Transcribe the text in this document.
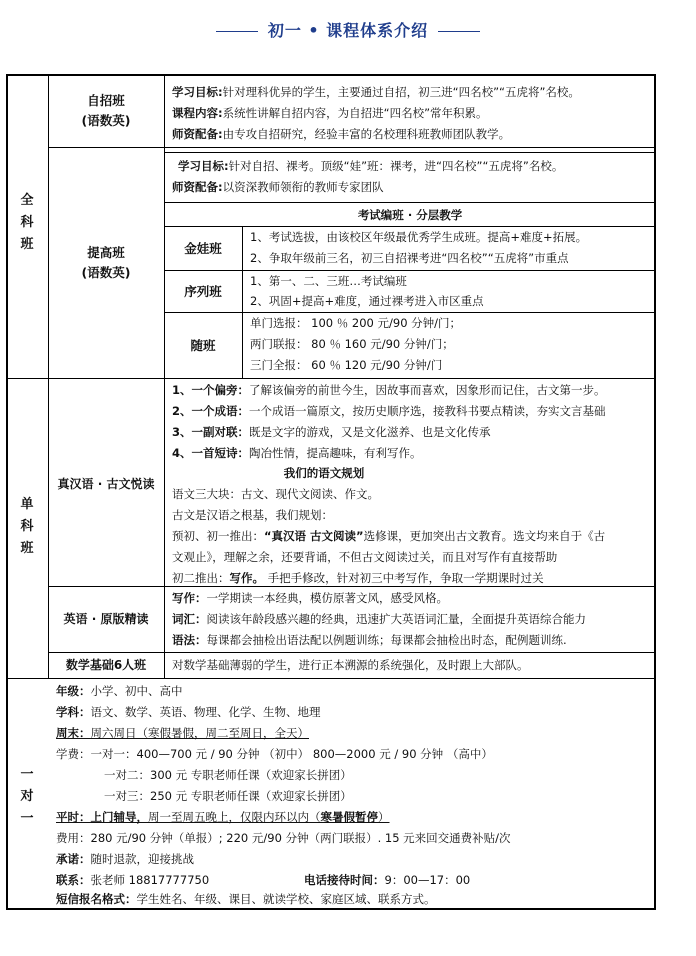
初一 • 课程体系介绍
全科班
单科班
一对一
自招班
(语数英)
学习目标:针对理科优异的学生，主要通过自招，初三进“四名校”“五虎将”名校。
课程内容:系统性讲解自招内容，为自招进“四名校”常年积累。
师资配备:由专攻自招研究，经验丰富的名校理科班教师团队教学。
提高班
(语数英)
学习目标:针对自招、裸考。顶级“娃”班：裸考，进“四名校”“五虎将”名校。
师资配备:以资深教师领衔的教师专家团队
考试编班 · 分层教学
金娃班
1、考试选拔，由该校区年级最优秀学生成班。提高+难度+拓展。
2、争取年级前三名，初三自招裸考进“四名校”“五虎将”市重点
序列班
1、第一、二、三班…考试编班
2、巩固+提高+难度，通过裸考进入市区重点
随班
单门选报： 100 ％ 200 元/90 分钟/门；
两门联报： 80 ％ 160 元/90 分钟/门；
三门全报： 60 ％ 120 元/90 分钟/门
真汉语 · 古文悦读
1、一个偏旁：了解该偏旁的前世今生，因故事而喜欢，因象形而记住，古文第一步。
2、一个成语：一个成语一篇原文，按历史顺序选，接教科书要点精读，夯实文言基础
3、一副对联：既是文字的游戏，又是文化滋养、也是文化传承
4、一首短诗：陶冶性情，提高趣味，有利写作。
我们的语文规划
语文三大块：古文、现代文阅读、作文。
古文是汉语之根基，我们规划：
预初、初一推出：“真汉语 古文阅读”选修课，更加突出古文教育。选文均来自于《古
文观止》，理解之余，还要背诵，不但古文阅读过关，而且对写作有直接帮助
初二推出：写作。 手把手修改，针对初三中考写作，争取一学期课时过关
英语 · 原版精读
写作：一学期读一本经典，模仿原著文风，感受风格。
词汇：阅读该年龄段感兴趣的经典，迅速扩大英语词汇量，全面提升英语综合能力
语法：每课都会抽检出语法配以例题训练；每课都会抽检出时态，配例题训练.
数学基础6人班	对数学基础薄弱的学生，进行正本溯源的系统强化，及时跟上大部队。
年级：小学、初中、高中
学科：语文、数学、英语、物理、化学、生物、地理
周末：周六周日（寒假暑假，周二至周日，全天）
学费：一对一：400—700 元 / 90 分钟 （初中） 800—2000 元 / 90 分钟 （高中）
一对二：300 元 专职老师任课（欢迎家长拼团）
一对三：250 元 专职老师任课（欢迎家长拼团）
平时：上门辅导，周一至周五晚上，仅限内环以内（寒暑假暂停）
费用：280 元/90 分钟（单报）; 220 元/90 分钟（两门联报）. 15 元来回交通费补贴/次
承诺：随时退款，迎接挑战
联系：张老师 18817777750	电话接待时间：9：00—17：00
短信报名格式：学生姓名、年级、课目、就读学校、家庭区域、联系方式。
